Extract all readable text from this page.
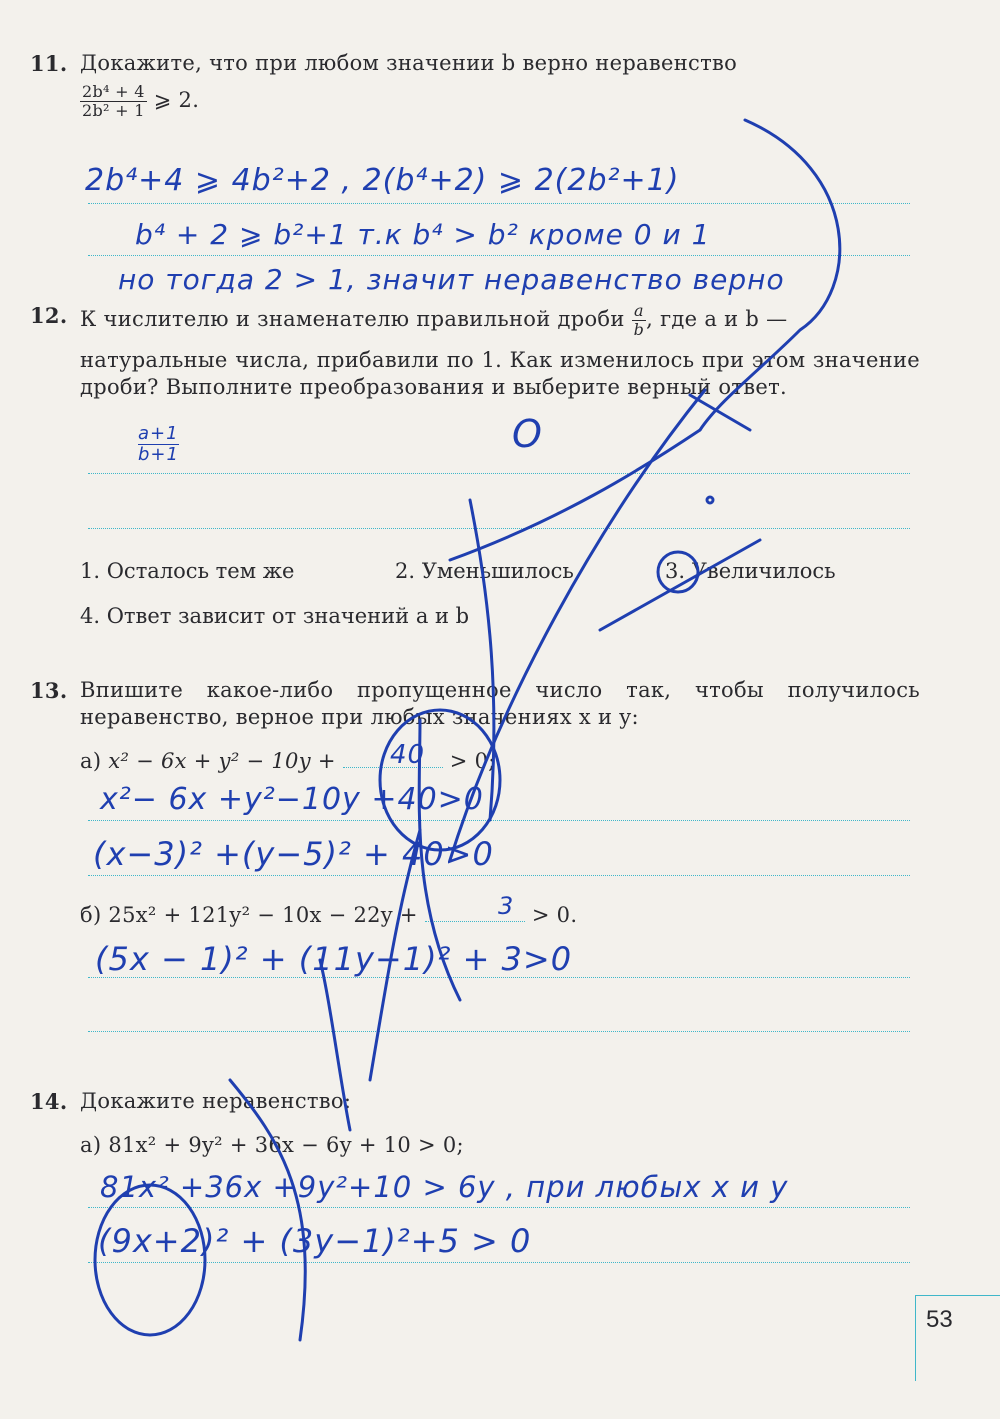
11. Докажите, что при любом значении b верно неравенство
$\frac{\text{2b⁴ + 4}}{\text{2b² + 1}}$ ⩾ 2.
2b⁴+4 ⩾ 4b²+2 , 2(b⁴+2) ⩾ 2(2b²+1)
b⁴ + 2 ⩾ b²+1 т.к b⁴ > b² кроме 0 и 1
но тогда 2 > 1, значит неравенство верно
12. К числителю и знаменателю правильной дроби $\frac{a}{b}$ , где a и b —
натуральные числа, прибавили по 1. Как изменилось при этом значение дроби? Выполните преобразования и выберите верный ответ.
$\frac{a+1}{b+1}$	O
1. Осталось тем же	2. Уменьшилось	3. Увеличилось
4. Ответ зависит от значений a и b
13. Впишите какое-либо пропущенное число так, чтобы получилось неравенство, верное при любых значениях x и y:
а) x² − 6x + y² − 10y +	> 0;
40
x²− 6x +y²−10y +40>0
(x−3)² +(y−5)² + 40>0
б) 25x² + 121y² − 10x − 22y +	> 0.
3
(5x − 1)² + (11y−1)² + 3>0
14. Докажите неравенство:
а) 81x² + 9y² + 36x − 6y + 10 > 0;
81x² +36x +9y²+10 > 6y , при любых x и y
(9x+2)² + (3y−1)²+5 > 0
53
